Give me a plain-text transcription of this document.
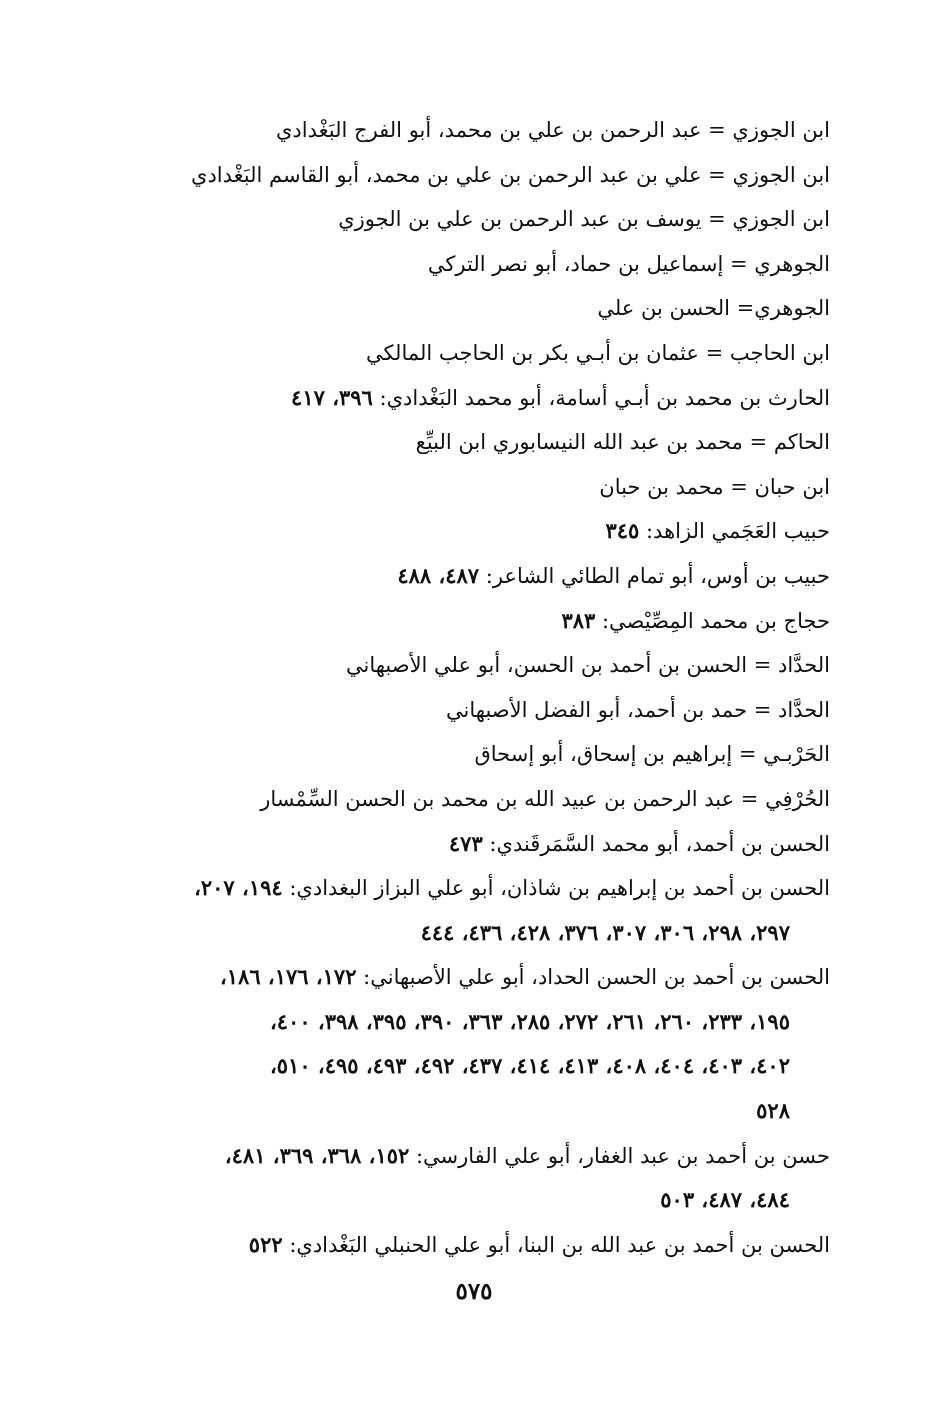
ابن الجوزي = عبد الرحمن بن علي بن محمد، أبو الفرج البَغْدادي
ابن الجوزي = علي بن عبد الرحمن بن علي بن محمد، أبو القاسم البَغْدادي
ابن الجوزي = يوسف بن عبد الرحمن بن علي بن الجوزي
الجوهري = إسماعيل بن حماد، أبو نصر التركي
الجوهري= الحسن بن علي
ابن الحاجب = عثمان بن أبـي بكر بن الحاجب المالكي
الحارث بن محمد بن أبـي أسامة، أبو محمد البَغْدادي: ٣٩٦، ٤١٧
الحاكم = محمد بن عبد الله النيسابوري ابن البيِّع
ابن حبان = محمد بن حبان
حبيب العَجَمي الزاهد: ٣٤٥
حبيب بن أوس، أبو تمام الطائي الشاعر: ٤٨٧، ٤٨٨
حجاج بن محمد المِصِّيْصي: ٣٨٣
الحدَّاد = الحسن بن أحمد بن الحسن، أبو علي الأصبهاني
الحدَّاد = حمد بن أحمد، أبو الفضل الأصبهاني
الحَرْبـي = إبراهيم بن إسحاق، أبو إسحاق
الحُرْفِي = عبد الرحمن بن عبيد الله بن محمد بن الحسن السِّمْسار
الحسن بن أحمد، أبو محمد السَّمَرقَندي: ٤٧٣
الحسن بن أحمد بن إبراهيم بن شاذان، أبو علي البزاز البغدادي: ١٩٤، ٢٠٧،
٢٩٧، ٢٩٨، ٣٠٦، ٣٠٧، ٣٧٦، ٤٢٨، ٤٣٦، ٤٤٤
الحسن بن أحمد بن الحسن الحداد، أبو علي الأصبهاني: ١٧٢، ١٧٦، ١٨٦،
١٩٥، ٢٣٣، ٢٦٠، ٢٦١، ٢٧٢، ٢٨٥، ٣٦٣، ٣٩٠، ٣٩٥، ٣٩٨، ٤٠٠،
٤٠٢، ٤٠٣، ٤٠٤، ٤٠٨، ٤١٣، ٤١٤، ٤٣٧، ٤٩٢، ٤٩٣، ٤٩٥، ٥١٠،
٥٢٨
حسن بن أحمد بن عبد الغفار، أبو علي الفارسي: ١٥٢، ٣٦٨، ٣٦٩، ٤٨١،
٤٨٤، ٤٨٧، ٥٠٣
الحسن بن أحمد بن عبد الله بن البنا، أبو علي الحنبلي البَغْدادي: ٥٢٢
٥٧٥
